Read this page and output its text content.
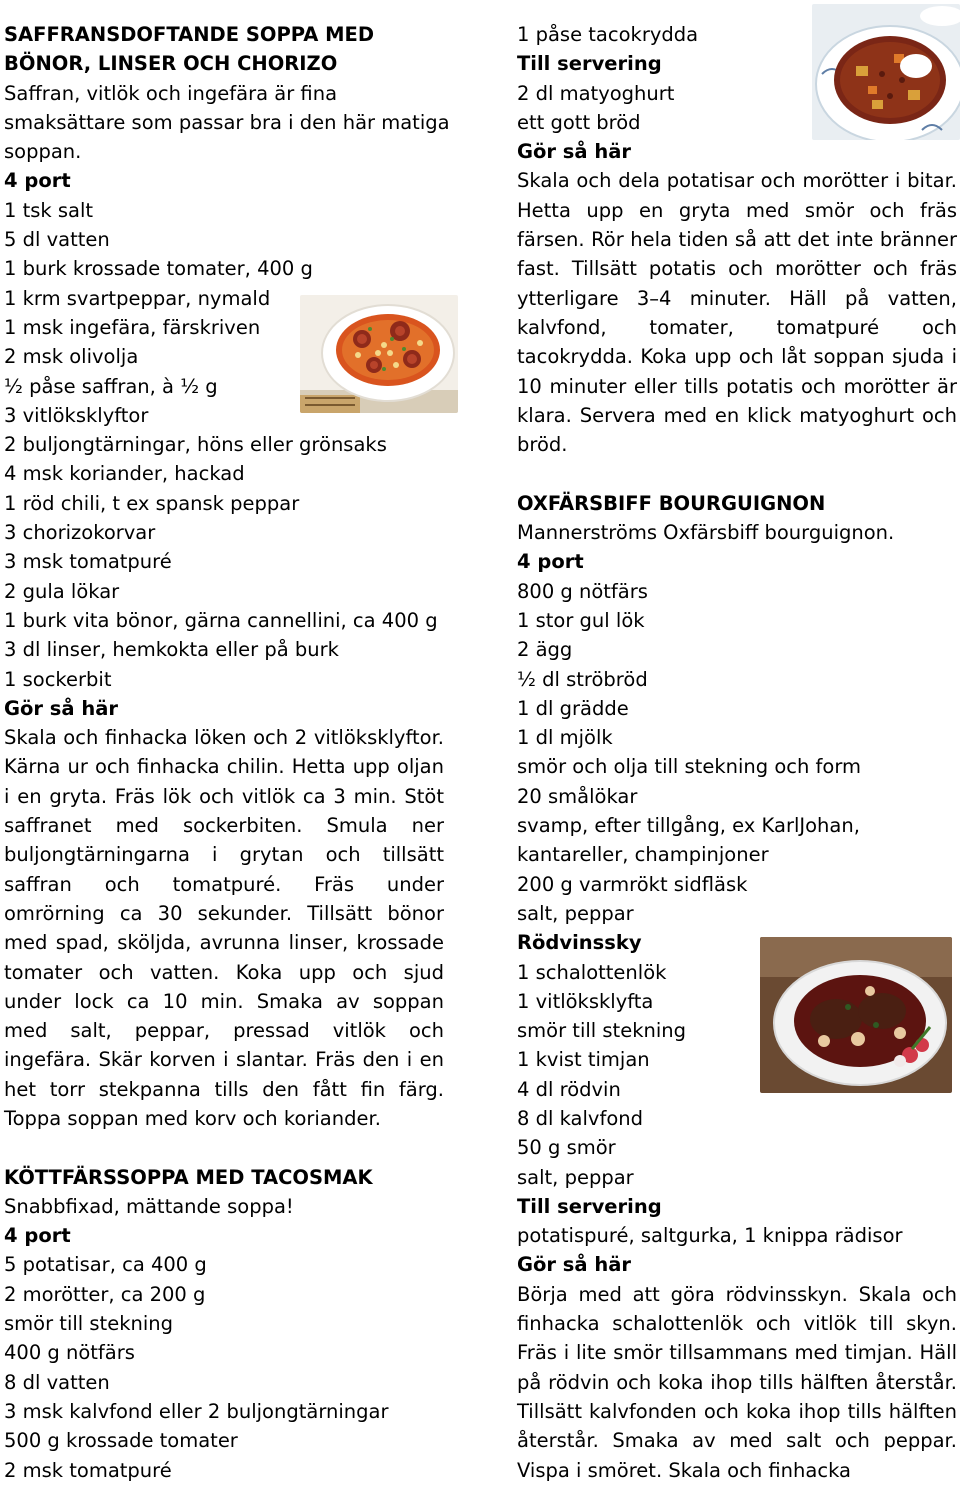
SAFFRANSDOFTANDE SOPPA MED
BÖNOR, LINSER OCH CHORIZO
Saffran, vitlök och ingefära är fina
smaksättare som passar bra i den här matiga
soppan.
4 port
1 tsk salt
5 dl vatten
1 burk krossade tomater, 400 g
1 krm svartpeppar, nymald
1 msk ingefära, färskriven
2 msk olivolja
½ påse saffran, à ½ g
3 vitlöksklyftor
2 buljongtärningar, höns eller grönsaks
4 msk koriander, hackad
1 röd chili, t ex spansk peppar
3 chorizokorvar
3 msk tomatpuré
2 gula lökar
1 burk vita bönor, gärna cannellini, ca 400 g
3 dl linser, hemkokta eller på burk
1 sockerbit
Gör så här
Skala och finhacka löken och 2 vitlöksklyftor. Kärna ur och finhacka chilin. Hetta upp oljan i en gryta. Fräs lök och vitlök ca 3 min. Stöt saffranet med sockerbiten. Smula ner buljongtärningarna i grytan och tillsätt saffran och tomatpuré. Fräs under omrörning ca 30 sekunder. Tillsätt bönor med spad, sköljda, avrunna linser, krossade tomater och vatten. Koka upp och sjud under lock ca 10 min. Smaka av soppan med salt, peppar, pressad vitlök och ingefära. Skär korven i slantar. Fräs den i en het torr stekpanna tills den fått fin färg. Toppa soppan med korv och koriander.
KÖTTFÄRSSOPPA MED TACOSMAK
Snabbfixad, mättande soppa!
4 port
5 potatisar, ca 400 g
2 morötter, ca 200 g
smör till stekning
400 g nötfärs
8 dl vatten
3 msk kalvfond eller 2 buljongtärningar
500 g krossade tomater
2 msk tomatpuré
1 påse tacokrydda
Till servering
2 dl matyoghurt
ett gott bröd
Gör så här
Skala och dela potatisar och morötter i bitar. Hetta upp en gryta med smör och fräs färsen. Rör hela tiden så att det inte bränner fast. Tillsätt potatis och morötter och fräs ytterligare 3–4 minuter. Häll på vatten, kalvfond, tomater, tomatpuré och tacokrydda. Koka upp och låt soppan sjuda i 10 minuter eller tills potatis och morötter är klara. Servera med en klick matyoghurt och bröd.
OXFÄRSBIFF BOURGUIGNON
Mannerströms Oxfärsbiff bourguignon.
4 port
800 g nötfärs
1 stor gul lök
2 ägg
½ dl ströbröd
1 dl grädde
1 dl mjölk
smör och olja till stekning och form
20 smålökar
svamp, efter tillgång, ex KarlJohan,
kantareller, champinjoner
200 g varmrökt sidfläsk
salt, peppar
Rödvinssky
1 schalottenlök
1 vitlöksklyfta
smör till stekning
1 kvist timjan
4 dl rödvin
8 dl kalvfond
50 g smör
salt, peppar
Till servering
potatispuré, saltgurka, 1 knippa rädisor
Gör så här
Börja med att göra rödvinsskyn. Skala och finhacka schalottenlök och vitlök till skyn. Fräs i lite smör tillsammans med timjan. Häll på rödvin och koka ihop tills hälften återstår. Tillsätt kalvfonden och koka ihop tills hälften återstår. Smaka av med salt och peppar. Vispa i smöret. Skala och finhacka
